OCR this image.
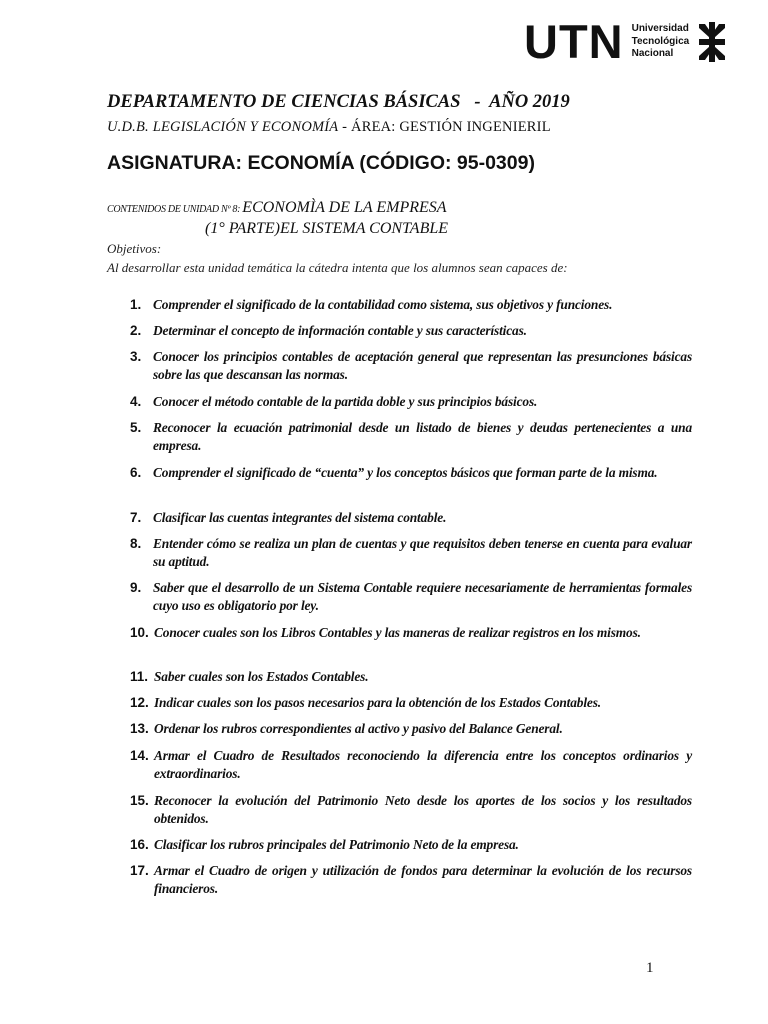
UTN Universidad
Tecnológica
Nacional
DEPARTAMENTO DE CIENCIAS BÁSICAS   -  AÑO 2019
U.D.B. LEGISLACIÓN Y ECONOMÍA - ÁREA: GESTIÓN INGENIERIL
ASIGNATURA: ECONOMÍA (CÓDIGO: 95-0309)
CONTENIDOS DE UNIDAD Nº 8: ECONOMÌA DE LA EMPRESA
(1° PARTE)EL SISTEMA CONTABLE
Objetivos:
Al desarrollar esta unidad temática la cátedra intenta que los alumnos sean capaces de:
1. Comprender el significado de la contabilidad como sistema, sus objetivos y funciones.
2. Determinar el concepto de información contable y sus características.
3. Conocer los principios contables de aceptación general que representan las presunciones básicas sobre las que descansan las normas.
4. Conocer el método contable de la partida doble y sus principios básicos.
5. Reconocer la ecuación patrimonial desde un listado de bienes y deudas pertenecientes a una empresa.
6. Comprender el significado de “cuenta” y los conceptos básicos que forman parte de la misma.
7. Clasificar las cuentas integrantes del sistema contable.
8. Entender cómo se realiza un plan de cuentas y que requisitos deben tenerse en cuenta para evaluar su aptitud.
9. Saber que el desarrollo de un Sistema Contable requiere necesariamente de herramientas formales cuyo uso es obligatorio por ley.
10. Conocer cuales son los Libros Contables y las maneras de realizar registros en los mismos.
11. Saber cuales son los Estados Contables.
12. Indicar cuales son los pasos necesarios para la obtención de los Estados Contables.
13. Ordenar los rubros correspondientes al activo y pasivo del Balance General.
14. Armar el Cuadro de Resultados reconociendo la diferencia entre los conceptos ordinarios y extraordinarios.
15. Reconocer la evolución del Patrimonio Neto desde los aportes de los socios y los resultados obtenidos.
16. Clasificar los rubros principales del Patrimonio Neto de la empresa.
17. Armar el Cuadro de origen y utilización de fondos para determinar la evolución de los recursos financieros.
1
